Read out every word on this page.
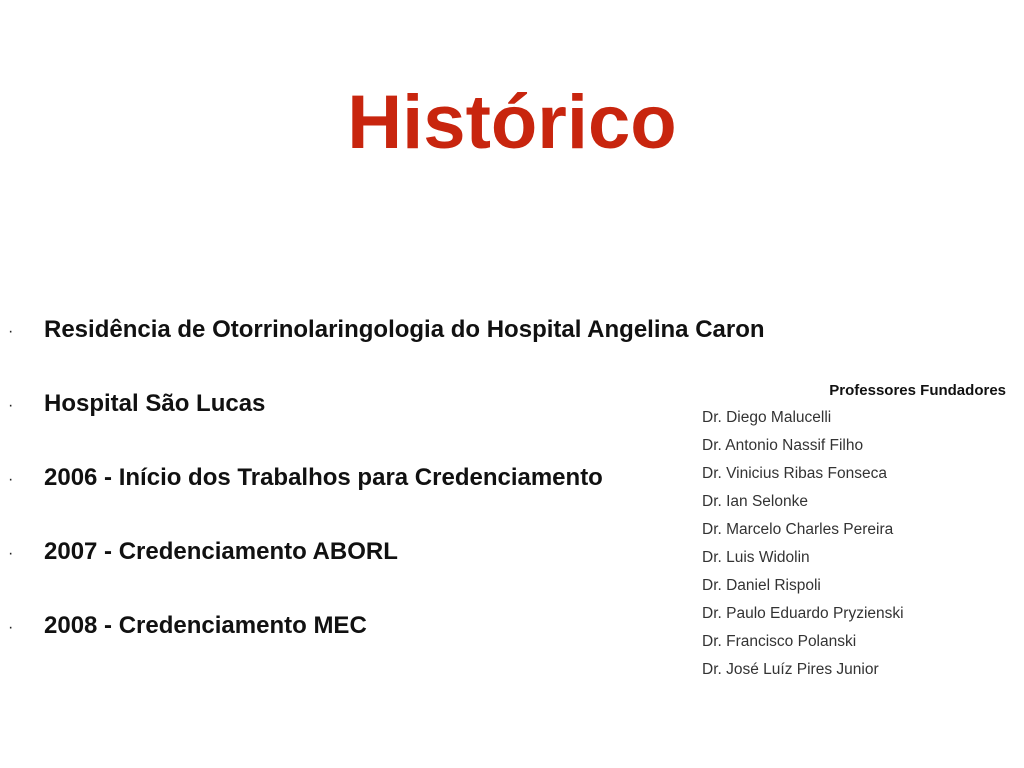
Histórico
· Residência de Otorrinolaringologia do Hospital Angelina Caron
· Hospital São Lucas
· 2006 - Início dos Trabalhos para Credenciamento
· 2007 - Credenciamento ABORL
· 2008 - Credenciamento MEC
Professores Fundadores
Dr. Diego Malucelli
Dr. Antonio Nassif Filho
Dr. Vinicius Ribas Fonseca
Dr. Ian Selonke
Dr. Marcelo Charles Pereira
Dr. Luis Widolin
Dr. Daniel Rispoli
Dr. Paulo Eduardo Pryzienski
Dr. Francisco Polanski
Dr. José Luíz Pires Junior
